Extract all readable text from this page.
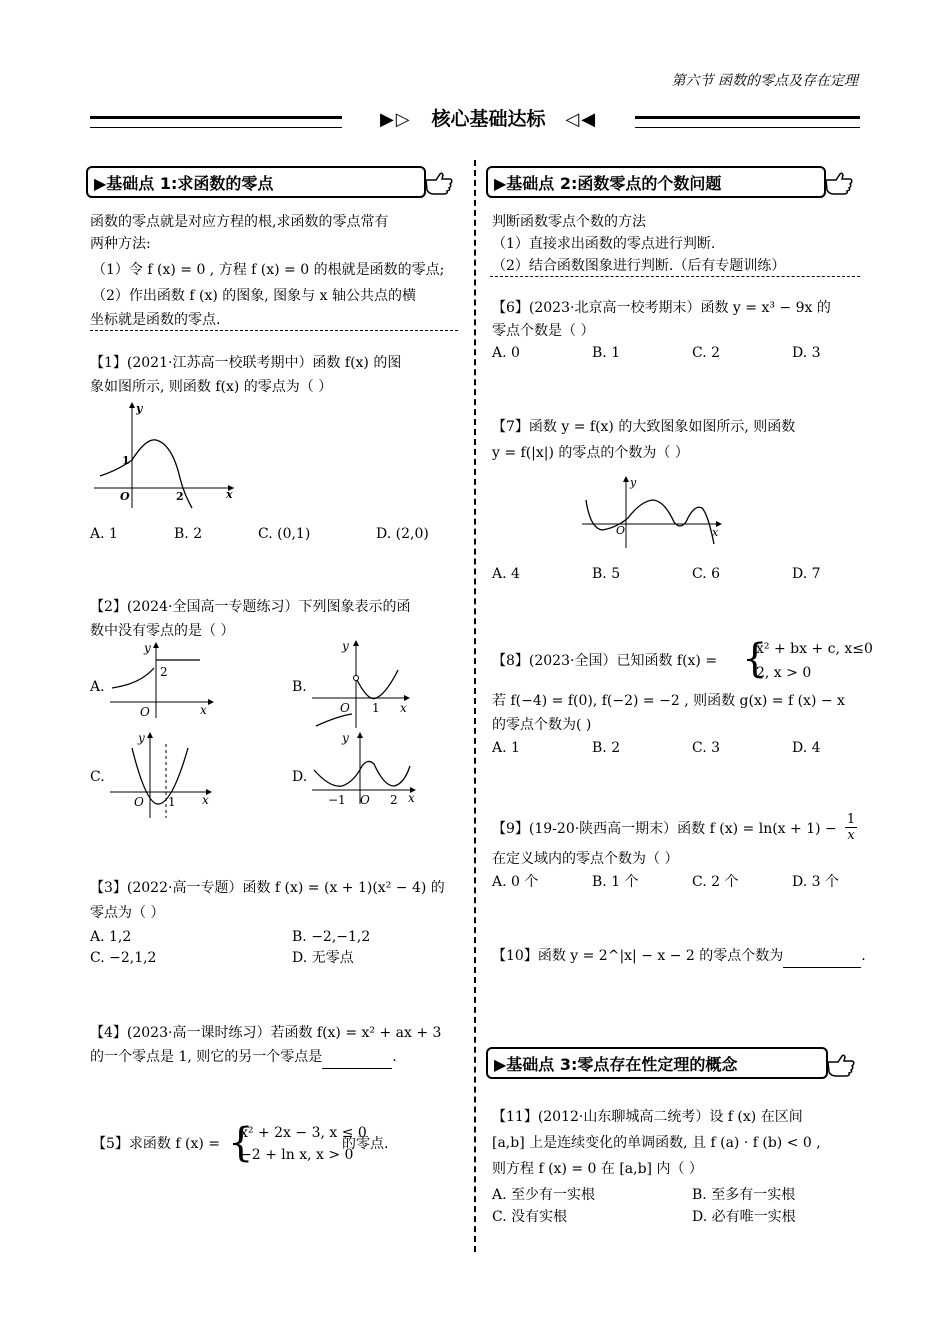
第六节 函数的零点及存在定理
▶▷ 核心基础达标 ◁◀
▶基础点 1:求函数的零点
函数的零点就是对应方程的根,求函数的零点常有
两种方法:
（1）令 f (x) = 0 , 方程 f (x) = 0 的根就是函数的零点;
（2）作出函数 f (x) 的图象, 图象与 x 轴公共点的横
坐标就是函数的零点.
【1】(2021·江苏高一校联考期中）函数 f(x) 的图
象如图所示, 则函数 f(x) 的零点为（ ）
y
x
O
1
2
A. 1	B. 2	C. (0,1)	D. (2,0)
【2】(2024·全国高一专题练习）下列图象表示的函
数中没有零点的是（ ）
A.
y
2
O	x
B.
y
O 1 x
C.
y
O 1 x
D.
y
−1 O 2 x
【3】(2022·高一专题）函数 f (x) = (x + 1)(x² − 4) 的
零点为（ ）
A. 1,2	B. −2,−1,2
C. −2,1,2	D. 无零点
【4】(2023·高一课时练习）若函数 f(x) = x² + ax + 3
的一个零点是 1, 则它的另一个零点是	.
【5】求函数 f (x) = {
x² + 2x − 3, x ≤ 0
−2 + ln x, x > 0
的零点.
▶基础点 2:函数零点的个数问题
判断函数零点个数的方法
（1）直接求出函数的零点进行判断.
（2）结合函数图象进行判断.（后有专题训练）
【6】(2023·北京高一校考期末）函数 y = x³ − 9x 的
零点个数是（ ）
A. 0	B. 1	C. 2	D. 3
【7】函数 y = f(x) 的大致图象如图所示, 则函数
y = f(|x|) 的零点的个数为（ ）
y
O	x
A. 4	B. 5	C. 6	D. 7
【8】(2023·全国）已知函数 f(x) = {
x² + bx + c, x≤0
2, x > 0
若 f(−4) = f(0), f(−2) = −2 , 则函数 g(x) = f (x) − x
的零点个数为( )
A. 1	B. 2	C. 3	D. 4
【9】(19-20·陕西高一期末）函数 f $(x) = \ln(x + 1) - \frac{1}{x}$
在定义域内的零点个数为（ ）
A. 0 个	B. 1 个	C. 2 个	D. 3 个
【10】函数 y = 2^|x| − x − 2 的零点个数为	.
▶基础点 3:零点存在性定理的概念
【11】(2012·山东聊城高二统考）设 f (x) 在区间
[a,b] 上是连续变化的单调函数, 且 f (a) · f (b) < 0 ,
则方程 f (x) = 0 在 [a,b] 内（ ）
A. 至少有一实根	B. 至多有一实根
C. 没有实根	D. 必有唯一实根
